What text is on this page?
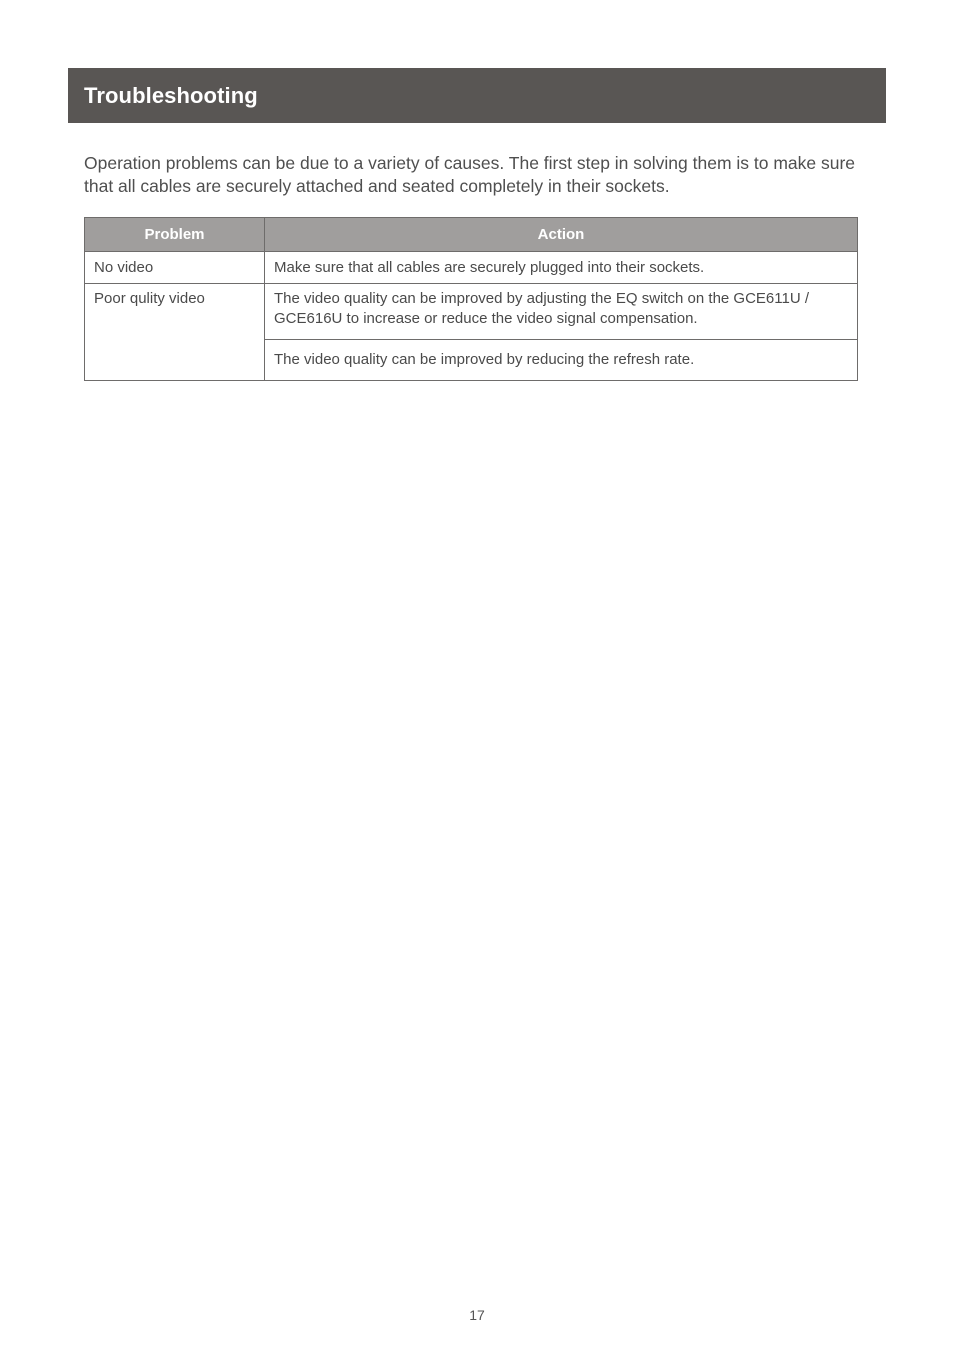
Troubleshooting

Operation problems can be due to a variety of causes. The first step in solving them is to make sure that all cables are securely attached and seated completely in their sockets.

Problem	Action
No video	Make sure that all cables are securely plugged into their sockets.
Poor qulity video	The video quality can be improved by adjusting the EQ switch on the GCE611U / GCE616U to increase or reduce the video signal compensation.
	The video quality can be improved by reducing the refresh rate.
17
